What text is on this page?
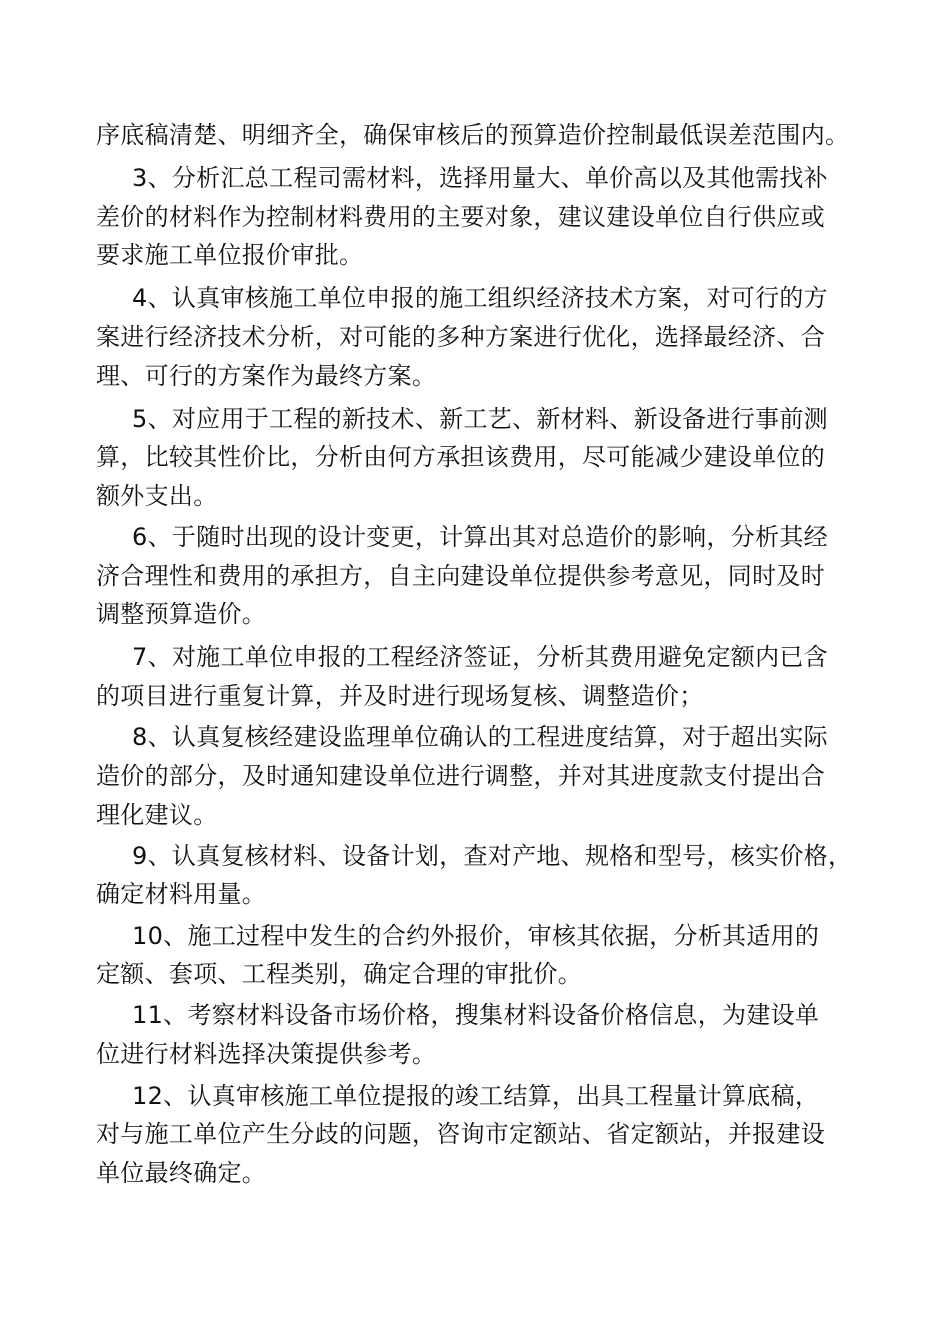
序底稿清楚、明细齐全，确保审核后的预算造价控制最低误差范围内。
3、分析汇总工程司需材料，选择用量大、单价高以及其他需找补
差价的材料作为控制材料费用的主要对象，建议建设单位自行供应或
要求施工单位报价审批。
4、认真审核施工单位申报的施工组织经济技术方案，对可行的方
案进行经济技术分析，对可能的多种方案进行优化，选择最经济、合
理、可行的方案作为最终方案。
5、对应用于工程的新技术、新工艺、新材料、新设备进行事前测
算，比较其性价比，分析由何方承担该费用，尽可能减少建设单位的
额外支出。
6、于随时出现的设计变更，计算出其对总造价的影响，分析其经
济合理性和费用的承担方，自主向建设单位提供参考意见，同时及时
调整预算造价。
7、对施工单位申报的工程经济签证，分析其费用避免定额内已含
的项目进行重复计算，并及时进行现场复核、调整造价；
8、认真复核经建设监理单位确认的工程进度结算，对于超出实际
造价的部分，及时通知建设单位进行调整，并对其进度款支付提出合
理化建议。
9、认真复核材料、设备计划，查对产地、规格和型号，核实价格，
确定材料用量。
10、施工过程中发生的合约外报价，审核其依据，分析其适用的
定额、套项、工程类别，确定合理的审批价。
11、考察材料设备市场价格，搜集材料设备价格信息，为建设单
位进行材料选择决策提供参考。
12、认真审核施工单位提报的竣工结算，出具工程量计算底稿，
对与施工单位产生分歧的问题，咨询市定额站、省定额站，并报建设
单位最终确定。
